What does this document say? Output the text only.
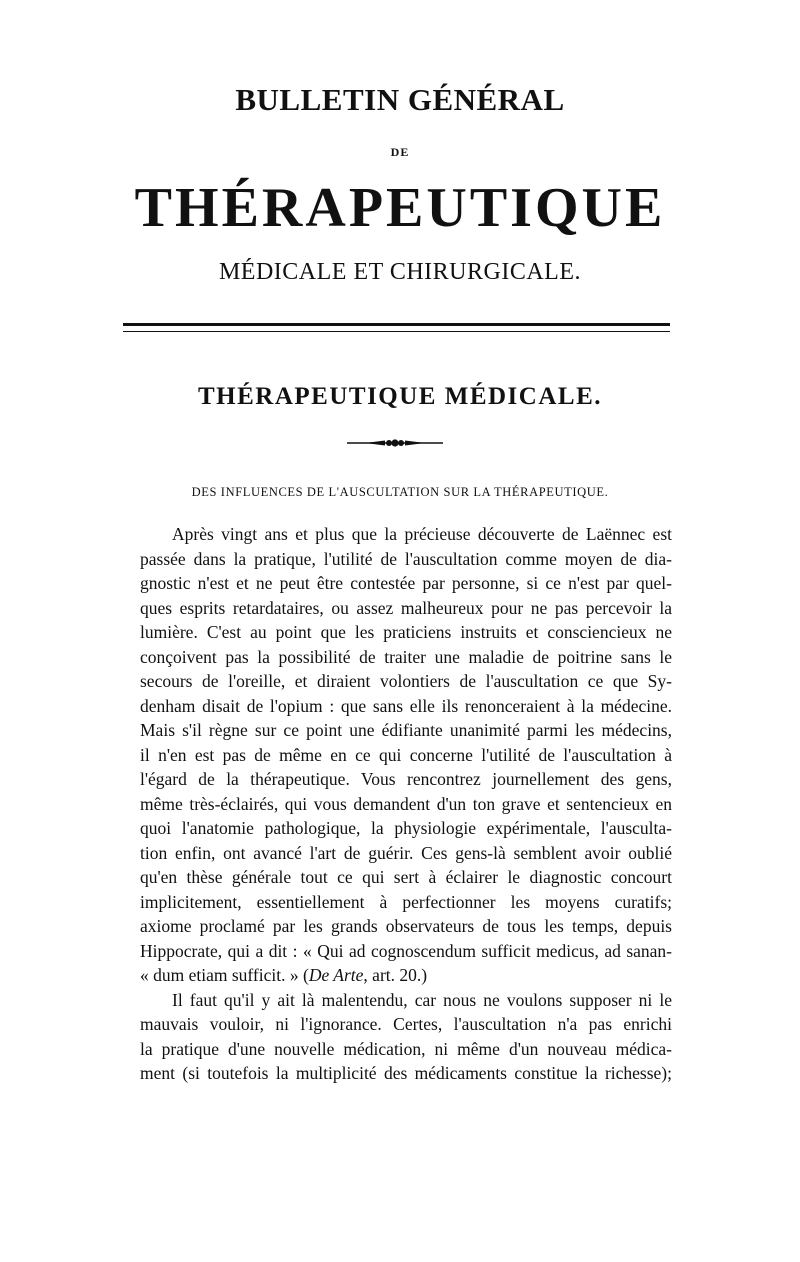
BULLETIN GÉNÉRAL
DE
THÉRAPEUTIQUE
MÉDICALE ET CHIRURGICALE.
THÉRAPEUTIQUE MÉDICALE.
DES INFLUENCES DE L'AUSCULTATION SUR LA THÉRAPEUTIQUE.

Après vingt ans et plus que la précieuse découverte de Laënnec est

passée dans la pratique, l'utilité de l'auscultation comme moyen de dia-

gnostic n'est et ne peut être contestée par personne, si ce n'est par quel-

ques esprits retardataires, ou assez malheureux pour ne pas percevoir la

lumière. C'est au point que les praticiens instruits et consciencieux ne

conçoivent pas la possibilité de traiter une maladie de poitrine sans le

secours de l'oreille, et diraient volontiers de l'auscultation ce que Sy-

denham disait de l'opium : que sans elle ils renonceraient à la médecine.

Mais s'il règne sur ce point une édifiante unanimité parmi les médecins,

il n'en est pas de même en ce qui concerne l'utilité de l'auscultation à

l'égard de la thérapeutique. Vous rencontrez journellement des gens,

même très-éclairés, qui vous demandent d'un ton grave et sentencieux en

quoi l'anatomie pathologique, la physiologie expérimentale, l'ausculta-

tion enfin, ont avancé l'art de guérir. Ces gens-là semblent avoir oublié

qu'en thèse générale tout ce qui sert à éclairer le diagnostic concourt

implicitement, essentiellement à perfectionner les moyens curatifs;

axiome proclamé par les grands observateurs de tous les temps, depuis

Hippocrate, qui a dit : « Qui ad cognoscendum sufficit medicus, ad sanan-

« dum etiam sufficit. » (De Arte, art. 20.)

Il faut qu'il y ait là malentendu, car nous ne voulons supposer ni le

mauvais vouloir, ni l'ignorance. Certes, l'auscultation n'a pas enrichi

la pratique d'une nouvelle médication, ni même d'un nouveau médica-

ment (si toutefois la multiplicité des médicaments constitue la richesse);
